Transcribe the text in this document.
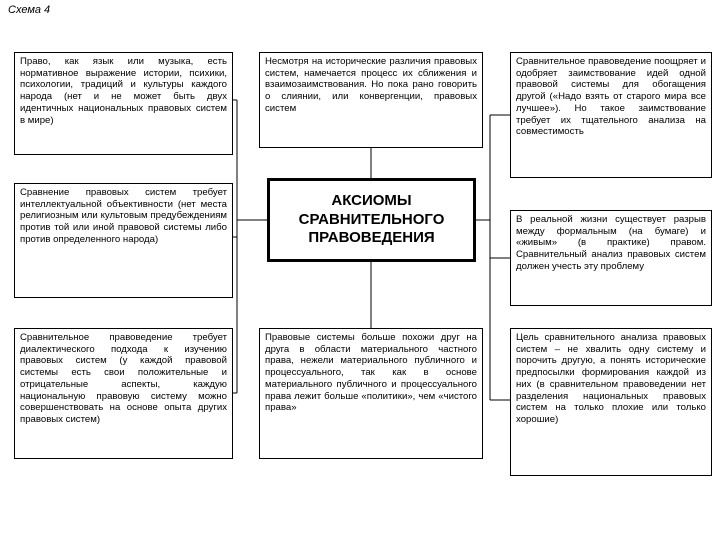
Схема 4
Право, как язык или музыка, есть нормативное выражение истории, психики, психологии, традиций и культуры каждого народа (нет и не может быть двух идентичных национальных правовых систем в мире)
Сравнение правовых систем требует интеллектуальной объективности (нет места религиозным или культовым предубеждениям против той или иной правовой системы либо против определенного народа)
Сравнительное правоведение требует диалектического подхода к изучению правовых систем (у каждой правовой системы есть свои положительные и отрицательные аспекты, каждую национальную правовую систему можно совершенствовать на основе опыта других правовых систем)
Несмотря на исторические различия правовых систем, намечается процесс их сближения и взаимозаимствования. Но пока рано говорить о слиянии, или конвергенции, правовых систем
АКСИОМЫ СРАВНИТЕЛЬНОГО ПРАВОВЕДЕНИЯ
Правовые системы больше похожи друг на друга в области материального частного права, нежели материального публичного и процессуального, так как в основе материального публичного и процессуального права лежит больше «политики», чем «чистого права»
Сравнительное правоведение поощряет и одобряет заимствование идей одной правовой системы для обогащения другой («Надо взять от старого мира все лучшее»). Но такое заимствование требует их тщательного анализа на совместимость
В реальной жизни существует разрыв между формальным (на бумаге) и «живым» (в практике) правом. Сравнительный анализ правовых систем должен учесть эту проблему
Цель сравнительного анализа правовых систем – не хвалить одну систему и порочить другую, а понять исторические предпосылки формирования каждой из них (в сравнительном правоведении нет разделения национальных правовых систем на только плохие или только хорошие)
